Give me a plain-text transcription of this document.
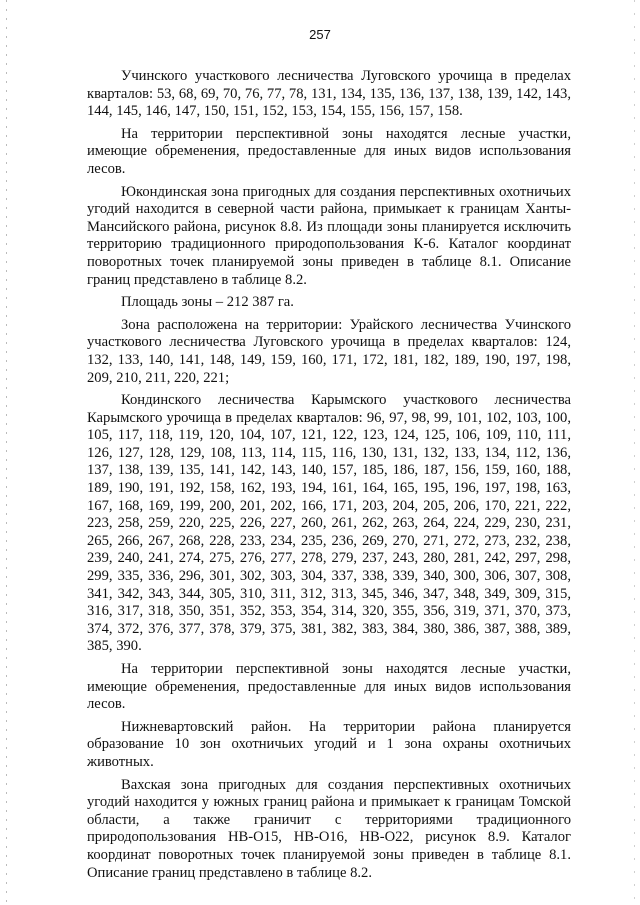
257

Учинского участкового лесничества Луговского урочища в пределах кварталов: 53, 68, 69, 70, 76, 77, 78, 131, 134, 135, 136, 137, 138, 139, 142, 143, 144, 145, 146, 147, 150, 151, 152, 153, 154, 155, 156, 157, 158.

На территории перспективной зоны находятся лесные участки, имеющие обременения, предоставленные для иных видов использования лесов.

Юкондинская зона пригодных для создания перспективных охотничьих угодий находится в северной части района, примыкает к границам Ханты-Мансийского района, рисунок 8.8. Из площади зоны планируется исключить территорию традиционного природопользования К-6. Каталог координат поворотных точек планируемой зоны приведен в таблице 8.1. Описание границ представлено в таблице 8.2.

Площадь зоны – 212 387 га.

Зона расположена на территории: Урайского лесничества Учинского участкового лесничества Луговского урочища в пределах кварталов: 124, 132, 133, 140, 141, 148, 149, 159, 160, 171, 172, 181, 182, 189, 190, 197, 198, 209, 210, 211, 220, 221;

Кондинского лесничества Карымского участкового лесничества Карымского урочища в пределах кварталов: 96, 97, 98, 99, 101, 102, 103, 100, 105, 117, 118, 119, 120, 104, 107, 121, 122, 123, 124, 125, 106, 109, 110, 111, 126, 127, 128, 129, 108, 113, 114, 115, 116, 130, 131, 132, 133, 134, 112, 136, 137, 138, 139, 135, 141, 142, 143, 140, 157, 185, 186, 187, 156, 159, 160, 188, 189, 190, 191, 192, 158, 162, 193, 194, 161, 164, 165, 195, 196, 197, 198, 163, 167, 168, 169, 199, 200, 201, 202, 166, 171, 203, 204, 205, 206, 170, 221, 222, 223, 258, 259, 220, 225, 226, 227, 260, 261, 262, 263, 264, 224, 229, 230, 231, 265, 266, 267, 268, 228, 233, 234, 235, 236, 269, 270, 271, 272, 273, 232, 238, 239, 240, 241, 274, 275, 276, 277, 278, 279, 237, 243, 280, 281, 242, 297, 298, 299, 335, 336, 296, 301, 302, 303, 304, 337, 338, 339, 340, 300, 306, 307, 308, 341, 342, 343, 344, 305, 310, 311, 312, 313, 345, 346, 347, 348, 349, 309, 315, 316, 317, 318, 350, 351, 352, 353, 354, 314, 320, 355, 356, 319, 371, 370, 373, 374, 372, 376, 377, 378, 379, 375, 381, 382, 383, 384, 380, 386, 387, 388, 389, 385, 390.

На территории перспективной зоны находятся лесные участки, имеющие обременения, предоставленные для иных видов использования лесов.

Нижневартовский район. На территории района планируется образование 10 зон охотничьих угодий и 1 зона охраны охотничьих животных.

Вахская зона пригодных для создания перспективных охотничьих угодий находится у южных границ района и примыкает к границам Томской области, а также граничит с территориями традиционного природопользования НВ-О15, НВ-О16, НВ-О22, рисунок 8.9. Каталог координат поворотных точек планируемой зоны приведен в таблице 8.1. Описание границ представлено в таблице 8.2.
